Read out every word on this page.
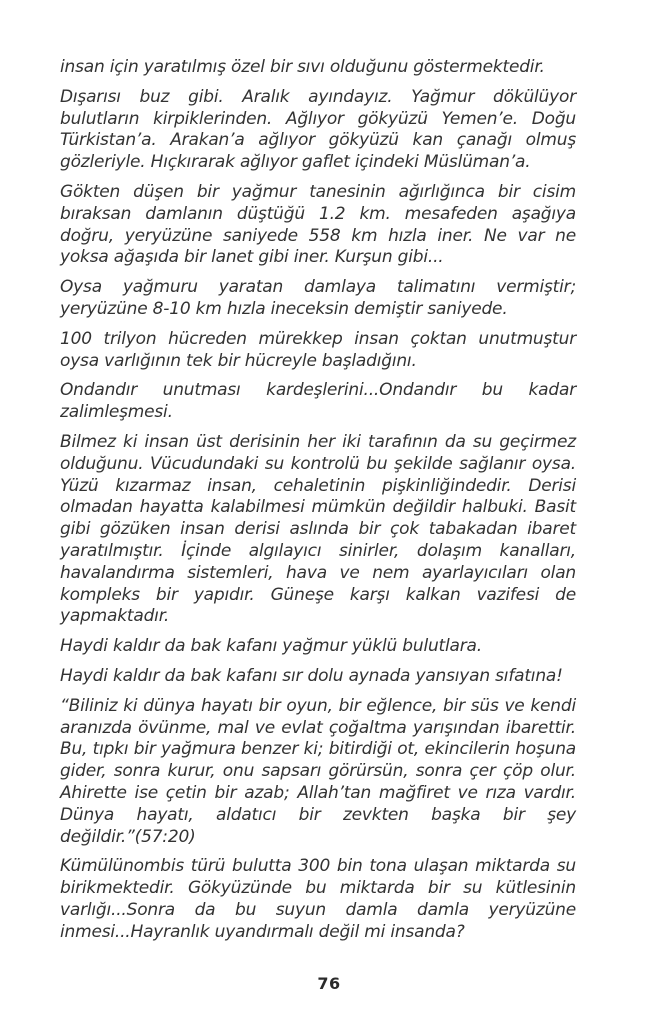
insan için yaratılmış özel bir sıvı olduğunu göstermektedir.

Dışarısı buz gibi. Aralık ayındayız. Yağmur dökülüyor bulutların kirpiklerinden. Ağlıyor gökyüzü Yemen’e. Doğu Türkistan’a. Arakan’a ağlıyor gökyüzü kan çanağı olmuş gözleriyle. Hıçkırarak ağlıyor gaflet içindeki Müslüman’a.

Gökten düşen bir yağmur tanesinin ağırlığınca bir cisim bıraksan damlanın düştüğü 1.2 km. mesafeden aşağıya doğru, yeryüzüne saniyede 558 km hızla iner. Ne var ne yoksa ağaşıda bir lanet gibi iner. Kurşun gibi...

Oysa yağmuru yaratan damlaya talimatını vermiştir; yeryüzüne 8-10 km hızla ineceksin demiştir saniyede.

100 trilyon hücreden mürekkep insan çoktan unutmuştur oysa varlığının tek bir hücreyle başladığını.

Ondandır unutması kardeşlerini...Ondandır bu kadar zalimleşmesi.

Bilmez ki insan üst derisinin her iki tarafının da su geçirmez olduğunu. Vücudundaki su kontrolü bu şekilde sağlanır oysa. Yüzü kızarmaz insan, cehaletinin pişkinliğindedir. Derisi olmadan hayatta kalabilmesi mümkün değildir halbuki. Basit gibi gözüken insan derisi aslında bir çok tabakadan ibaret yaratılmıştır. İçinde algılayıcı sinirler, dolaşım kanalları, havalandırma sistemleri, hava ve nem ayarlayıcıları olan kompleks bir yapıdır. Güneşe karşı kalkan vazifesi de yapmaktadır.

Haydi kaldır da bak kafanı yağmur yüklü bulutlara.

Haydi kaldır da bak kafanı sır dolu aynada yansıyan sıfatına!

“Biliniz ki dünya hayatı bir oyun, bir eğlence, bir süs ve kendi aranızda övünme, mal ve evlat çoğaltma yarışından ibarettir. Bu, tıpkı bir yağmura benzer ki; bitirdiği ot, ekincilerin hoşuna gider, sonra kurur, onu sapsarı görürsün, sonra çer çöp olur. Ahirette ise çetin bir azab; Allah’tan mağfiret ve rıza vardır. Dünya hayatı, aldatıcı bir zevkten başka bir şey değildir.”(57:20)

Kümülünombis türü bulutta 300 bin tona ulaşan miktarda su birikmektedir. Gökyüzünde bu miktarda bir su kütlesinin varlığı...Sonra da bu suyun damla damla yeryüzüne inmesi...Hayranlık uyandırmalı değil mi insanda?

76
